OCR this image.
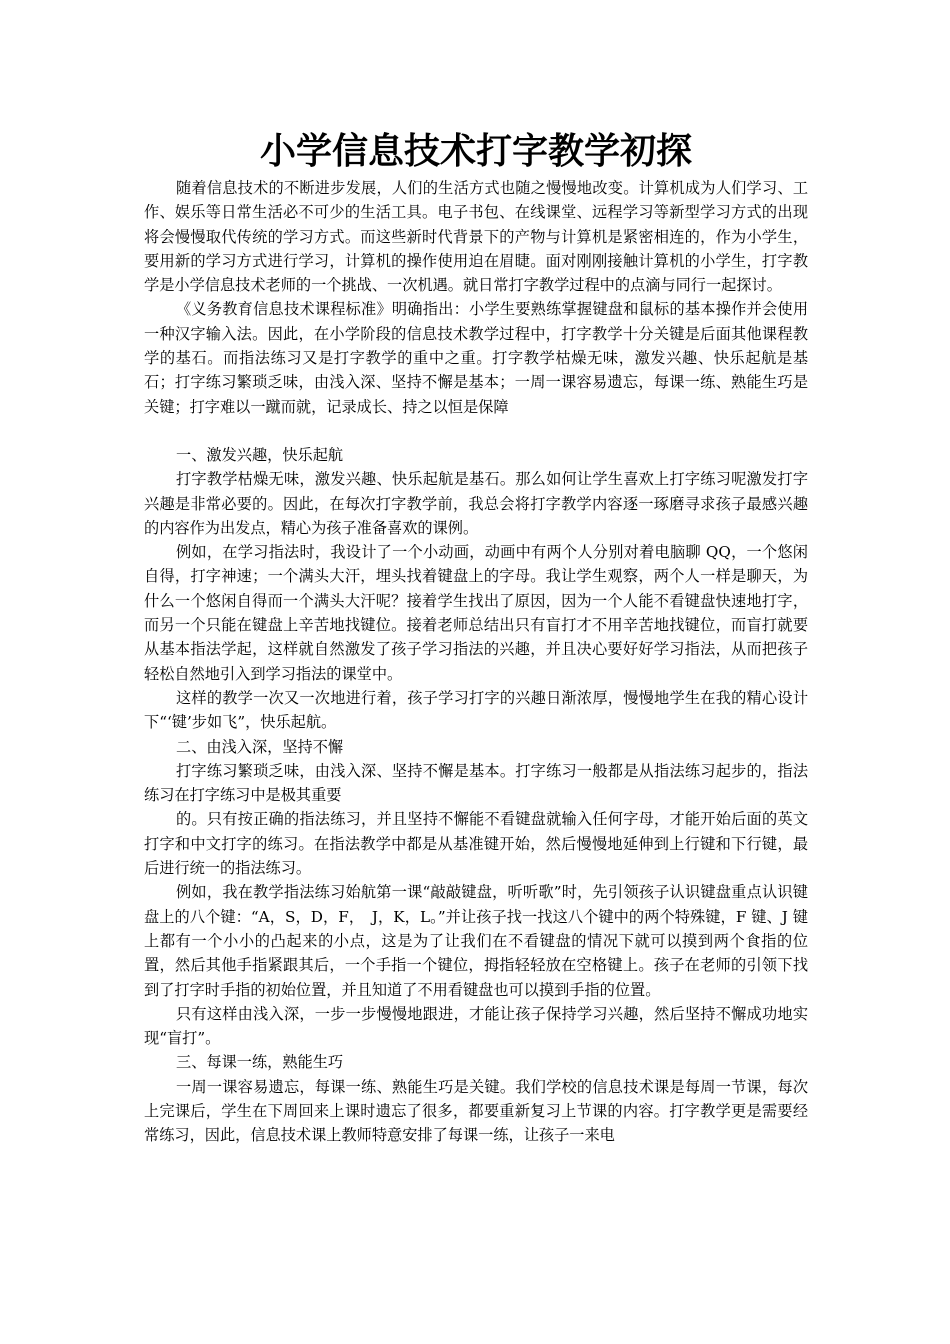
小学信息技术打字教学初探

随着信息技术的不断进步发展，人们的生活方式也随之慢慢地改变。计算机成为人们学习、工作、娱乐等日常生活必不可少的生活工具。电子书包、在线课堂、远程学习等新型学习方式的出现将会慢慢取代传统的学习方式。而这些新时代背景下的产物与计算机是紧密相连的，作为小学生，要用新的学习方式进行学习，计算机的操作使用迫在眉睫。面对刚刚接触计算机的小学生，打字教学是小学信息技术老师的一个挑战、一次机遇。就日常打字教学过程中的点滴与同行一起探讨。

《义务教育信息技术课程标准》明确指出：小学生要熟练掌握键盘和鼠标的基本操作并会使用一种汉字输入法。因此，在小学阶段的信息技术教学过程中，打字教学十分关键是后面其他课程教学的基石。而指法练习又是打字教学的重中之重。打字教学枯燥无味，激发兴趣、快乐起航是基石；打字练习繁琐乏味，由浅入深、坚持不懈是基本；一周一课容易遗忘，每课一练、熟能生巧是关键；打字难以一蹴而就，记录成长、持之以恒是保障

一、激发兴趣，快乐起航

打字教学枯燥无味，激发兴趣、快乐起航是基石。那么如何让学生喜欢上打字练习呢激发打字兴趣是非常必要的。因此，在每次打字教学前，我总会将打字教学内容逐一琢磨寻求孩子最感兴趣的内容作为出发点，精心为孩子准备喜欢的课例。

例如，在学习指法时，我设计了一个小动画，动画中有两个人分别对着电脑聊 QQ，一个悠闲自得，打字神速；一个满头大汗，埋头找着键盘上的字母。我让学生观察，两个人一样是聊天，为什么一个悠闲自得而一个满头大汗呢？接着学生找出了原因，因为一个人能不看键盘快速地打字，而另一个只能在键盘上辛苦地找键位。接着老师总结出只有盲打才不用辛苦地找键位，而盲打就要从基本指法学起，这样就自然激发了孩子学习指法的兴趣，并且决心要好好学习指法，从而把孩子轻松自然地引入到学习指法的课堂中。

这样的教学一次又一次地进行着，孩子学习打字的兴趣日渐浓厚，慢慢地学生在我的精心设计下“‘键’步如飞”，快乐起航。

二、由浅入深，坚持不懈

打字练习繁琐乏味，由浅入深、坚持不懈是基本。打字练习一般都是从指法练习起步的，指法练习在打字练习中是极其重要

的。只有按正确的指法练习，并且坚持不懈能不看键盘就输入任何字母，才能开始后面的英文打字和中文打字的练习。在指法教学中都是从基准键开始，然后慢慢地延伸到上行键和下行键，最后进行统一的指法练习。

例如，我在教学指法练习始航第一课“敲敲键盘，听听歌”时，先引领孩子认识键盘重点认识键盘上的八个键：“A，S，D，F，　J，K，L。”并让孩子找一找这八个键中的两个特殊键，F 键、J 键上都有一个小小的凸起来的小点，这是为了让我们在不看键盘的情况下就可以摸到两个食指的位置，然后其他手指紧跟其后，一个手指一个键位，拇指轻轻放在空格键上。孩子在老师的引领下找到了打字时手指的初始位置，并且知道了不用看键盘也可以摸到手指的位置。

只有这样由浅入深，一步一步慢慢地跟进，才能让孩子保持学习兴趣，然后坚持不懈成功地实现“盲打”。

三、每课一练，熟能生巧

一周一课容易遗忘，每课一练、熟能生巧是关键。我们学校的信息技术课是每周一节课，每次上完课后，学生在下周回来上课时遗忘了很多，都要重新复习上节课的内容。打字教学更是需要经常练习，因此，信息技术课上教师特意安排了每课一练，让孩子一来电
